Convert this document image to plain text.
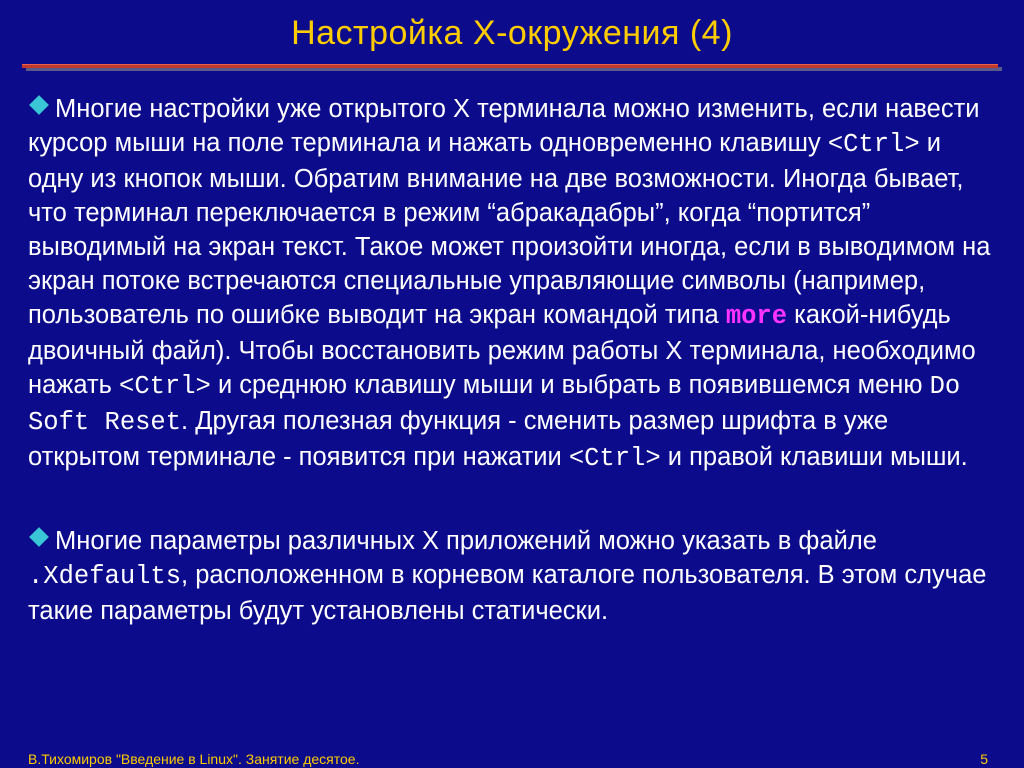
Настройка X-окружения (4)

Многие настройки уже открытого X терминала можно изменить, если навести курсор мыши на поле терминала и нажать одновременно клавишу <Ctrl> и одну из кнопок мыши. Обратим внимание на две возможности. Иногда бывает, что терминал переключается в режим “абракадабры”, когда “портится” выводимый на экран текст. Такое может произойти иногда, если в выводимом на экран потоке встречаются специальные управляющие символы (например, пользователь по ошибке выводит на экран командой типа more какой-нибудь двоичный файл). Чтобы восстановить режим работы X терминала, необходимо нажать <Ctrl> и среднюю клавишу мыши и выбрать в появившемся меню Do Soft Reset. Другая полезная функция - сменить размер шрифта в уже открытом терминале - появится при нажатии <Ctrl> и правой клавиши мыши.

Многие параметры различных X приложений можно указать в файле .Xdefaults, расположенном в корневом каталоге пользователя. В этом случае такие параметры будут установлены статически.

В.Тихомиров "Введение в Linux". Занятие десятое.	5
